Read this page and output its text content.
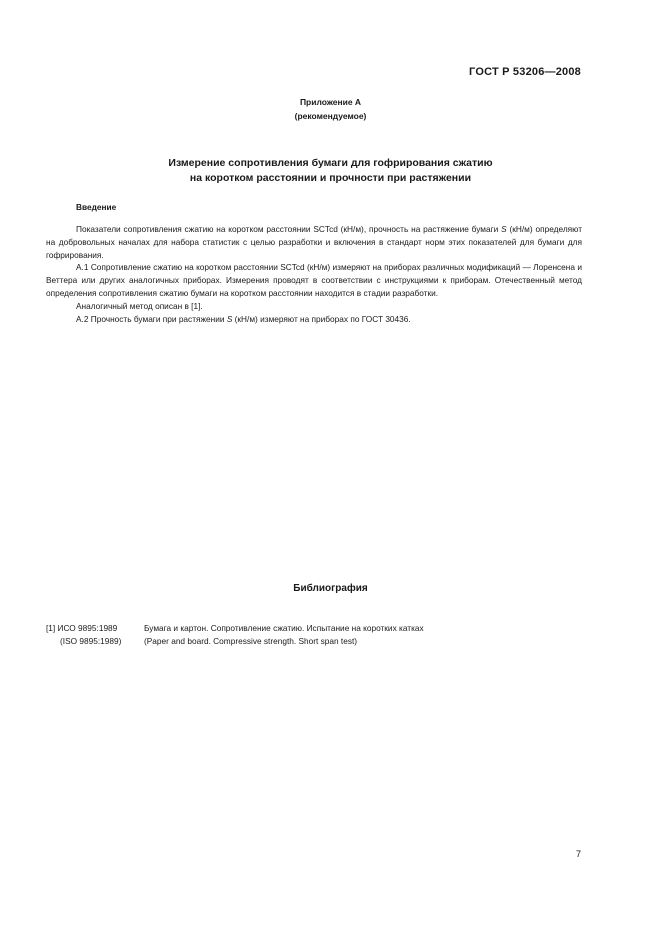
ГОСТ Р 53206—2008
Приложение А
(рекомендуемое)
Измерение сопротивления бумаги для гофрирования сжатию
на коротком расстоянии и прочности при растяжении
Введение

Показатели сопротивления сжатию на коротком расстоянии SCTcd (кН/м), прочность на растяжение бумаги S (кН/м) определяют на добровольных началах для набора статистик с целью разработки и включения в стандарт норм этих показателей для бумаги для гофрирования.

А.1 Сопротивление сжатию на коротком расстоянии SCTcd (кН/м) измеряют на приборах различных модификаций — Лоренсена и Веттера или других аналогичных приборах. Измерения проводят в соответствии с инструкциями к приборам. Отечественный метод определения сопротивления сжатию бумаги на коротком расстоянии находится в стадии разработки.

Аналогичный метод описан в [1].

А.2 Прочность бумаги при растяжении S (кН/м) измеряют на приборах по ГОСТ 30436.

Библиография
[1] ИСО 9895:1989	Бумага и картон. Сопротивление сжатию. Испытание на коротких катках
(ISO 9895:1989)	(Paper and board. Compressive strength. Short span test)
7
